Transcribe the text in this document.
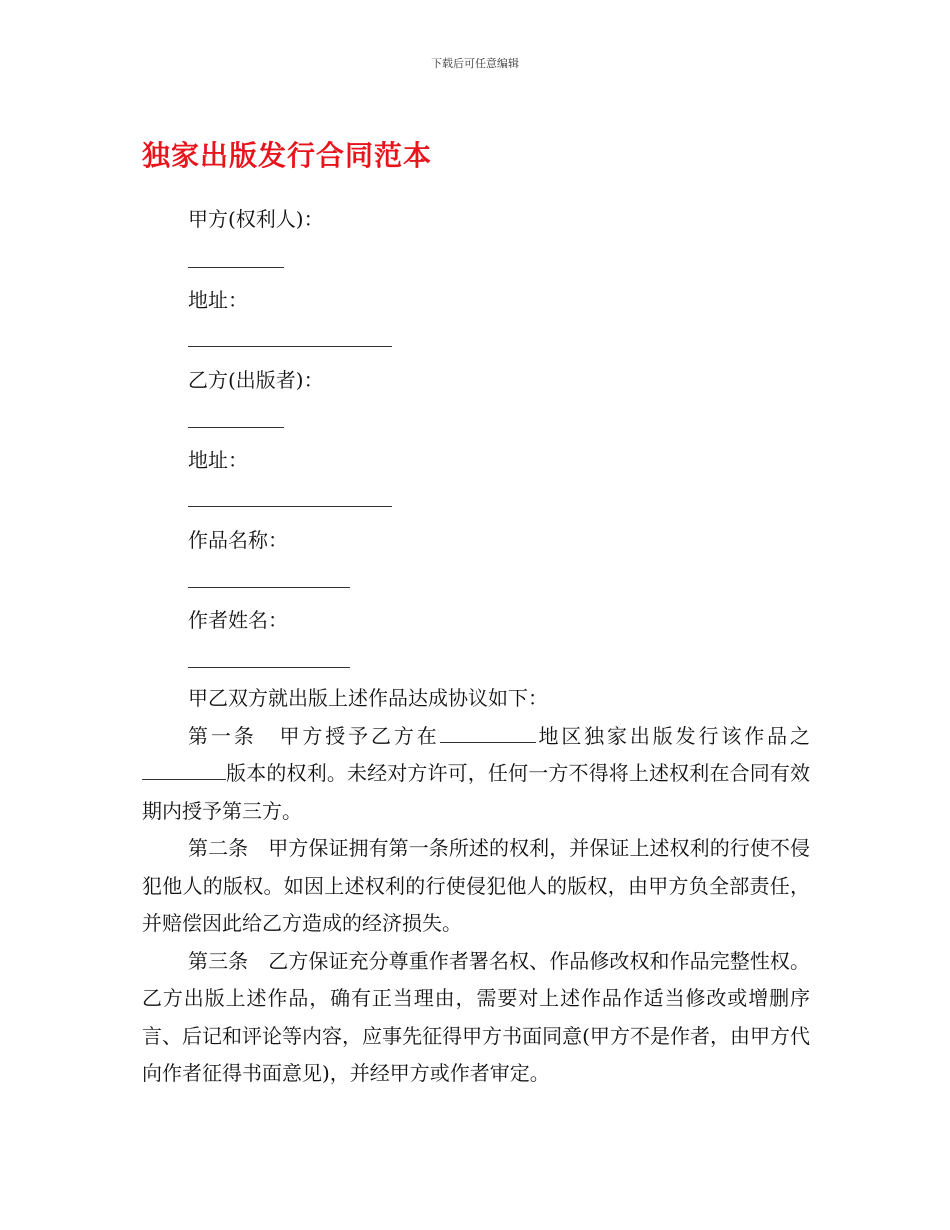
下载后可任意编辑
独家出版发行合同范本
甲方(权利人)：
地址：
乙方(出版者)：
地址：
作品名称：
作者姓名：

甲乙双方就出版上述作品达成协议如下：

第一条　甲方授予乙方在	地区独家出版发行该作品之版本的权利。未经对方许可，任何一方不得将上述权利在合同有效期内授予第三方。

第二条　甲方保证拥有第一条所述的权利，并保证上述权利的行使不侵犯他人的版权。如因上述权利的行使侵犯他人的版权，由甲方负全部责任，并赔偿因此给乙方造成的经济损失。

第三条　乙方保证充分尊重作者署名权、作品修改权和作品完整性权。乙方出版上述作品，确有正当理由，需要对上述作品作适当修改或增删序言、后记和评论等内容，应事先征得甲方书面同意(甲方不是作者，由甲方代向作者征得书面意见)，并经甲方或作者审定。
